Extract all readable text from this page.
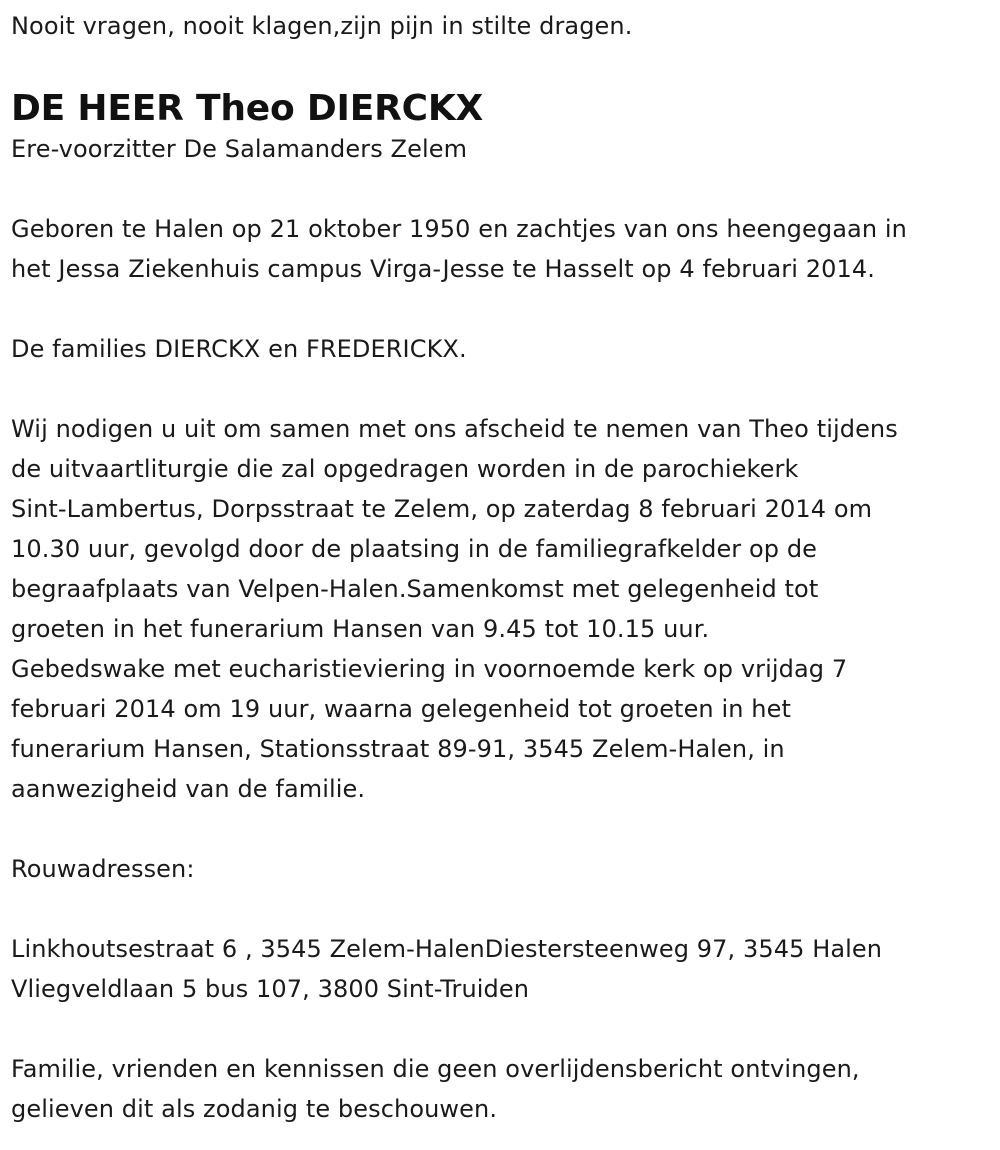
Nooit vragen, nooit klagen,zijn pijn in stilte dragen.

DE HEER Theo DIERCKX

Ere-voorzitter De Salamanders Zelem

Geboren te Halen op 21 oktober 1950 en zachtjes van ons heengegaan in
het Jessa Ziekenhuis campus Virga-Jesse te Hasselt op 4 februari 2014.

De families DIERCKX en FREDERICKX.

Wij nodigen u uit om samen met ons afscheid te nemen van Theo tijdens
de uitvaartliturgie die zal opgedragen worden in de parochiekerk
Sint-Lambertus, Dorpsstraat te Zelem, op zaterdag 8 februari 2014 om
10.30 uur, gevolgd door de plaatsing in de familiegrafkelder op de
begraafplaats van Velpen-Halen.Samenkomst met gelegenheid tot
groeten in het funerarium Hansen van 9.45 tot 10.15 uur.
Gebedswake met eucharistieviering in voornoemde kerk op vrijdag 7
februari 2014 om 19 uur, waarna gelegenheid tot groeten in het
funerarium Hansen, Stationsstraat 89-91, 3545 Zelem-Halen, in
aanwezigheid van de familie.

Rouwadressen:

Linkhoutsestraat 6 , 3545 Zelem-HalenDiestersteenweg 97, 3545 Halen
Vliegveldlaan 5 bus 107, 3800 Sint-Truiden
Familie, vrienden en kennissen die geen overlijdensbericht ontvingen,
gelieven dit als zodanig te beschouwen.
